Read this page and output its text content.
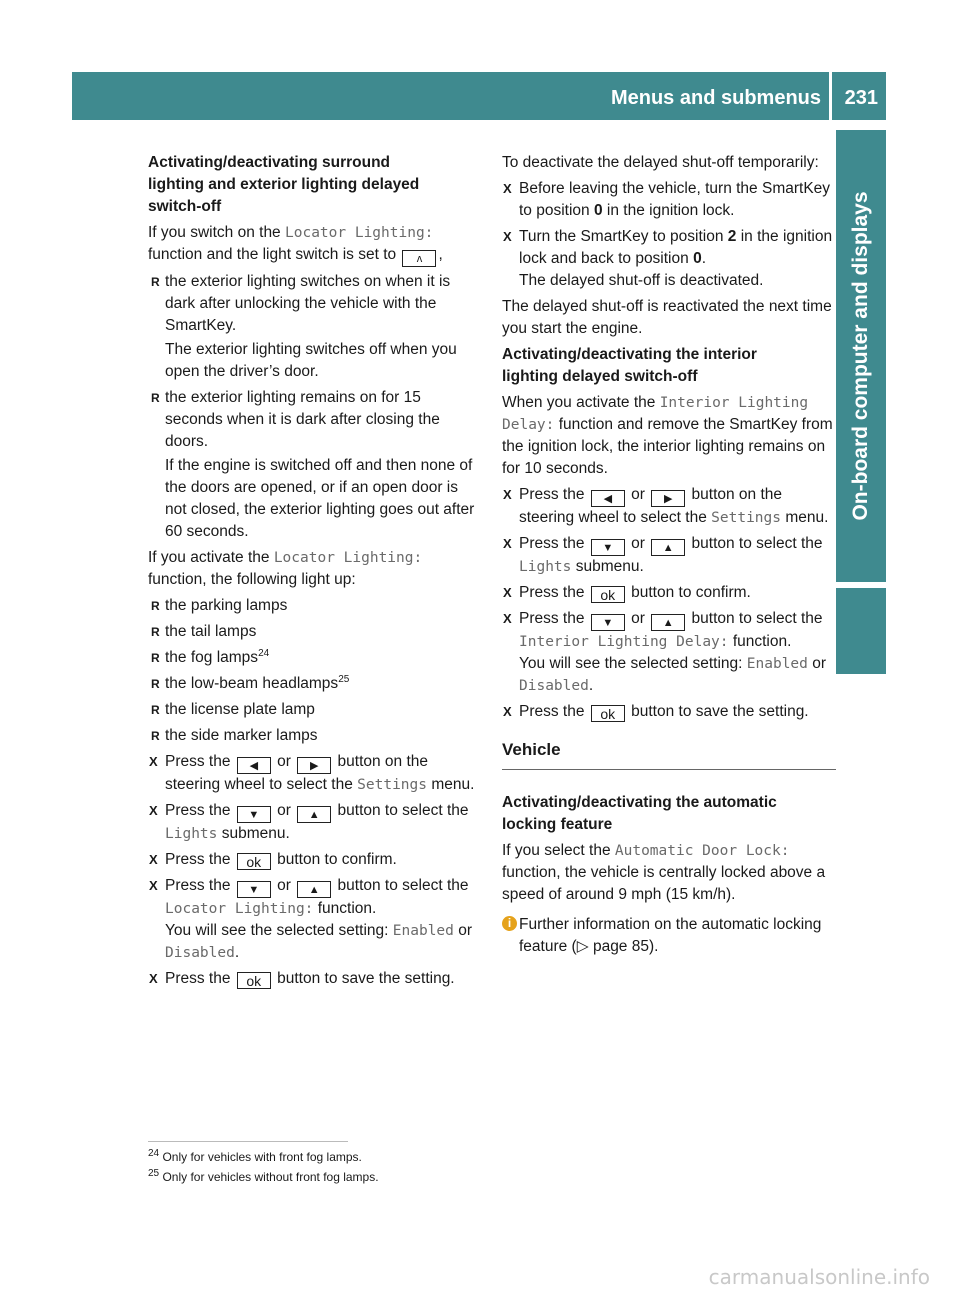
Menus and submenus 231
On-board computer and displays
Activating/deactivating surround
lighting and exterior lighting delayed
switch-off

If you switch on the Locator Lighting: function and the light switch is set to ʌ ,

R the exterior lighting switches on when it is dark after unlocking the vehicle with the SmartKey.
The exterior lighting switches off when you open the driver’s door.
R the exterior lighting remains on for 15 seconds when it is dark after closing the doors.
If the engine is switched off and then none of the doors are opened, or if an open door is not closed, the exterior lighting goes out after 60 seconds.

If you activate the Locator Lighting: function, the following light up:

R the parking lamps
R the tail lamps
R the fog lamps$^{24}$
R the low-beam headlamps$^{25}$
R the license plate lamp
R the side marker lamps
X Press the ◀ or ▶ button on the steering wheel to select the Settings menu.
X Press the ▼ or ▲ button to select the Lights submenu.
X Press the ok button to confirm.
X Press the ▼ or ▲ button to select the Locator Lighting: function.
You will see the selected setting: Enabled or Disabled.
X Press the ok button to save the setting.

To deactivate the delayed shut-off temporarily:

X Before leaving the vehicle, turn the SmartKey to position 0 in the ignition lock.
X Turn the SmartKey to position 2 in the ignition lock and back to position 0.
The delayed shut-off is deactivated.

The delayed shut-off is reactivated the next time you start the engine.

Activating/deactivating the interior
lighting delayed switch-off

When you activate the Interior Lighting Delay: function and remove the SmartKey from the ignition lock, the interior lighting remains on for 10 seconds.

X Press the ◀ or ▶ button on the steering wheel to select the Settings menu.
X Press the ▼ or ▲ button to select the Lights submenu.
X Press the ok button to confirm.
X Press the ▼ or ▲ button to select the Interior Lighting Delay: function.
You will see the selected setting: Enabled or Disabled.
X Press the ok button to save the setting.
Vehicle
Activating/deactivating the automatic
locking feature

If you select the Automatic Door Lock: function, the vehicle is centrally locked above a speed of around 9 mph (15 km/h).

i Further information on the automatic locking feature (▷ page 85).
$^{24}$ Only for vehicles with front fog lamps.
$^{25}$ Only for vehicles without front fog lamps.
carmanualsonline.info
